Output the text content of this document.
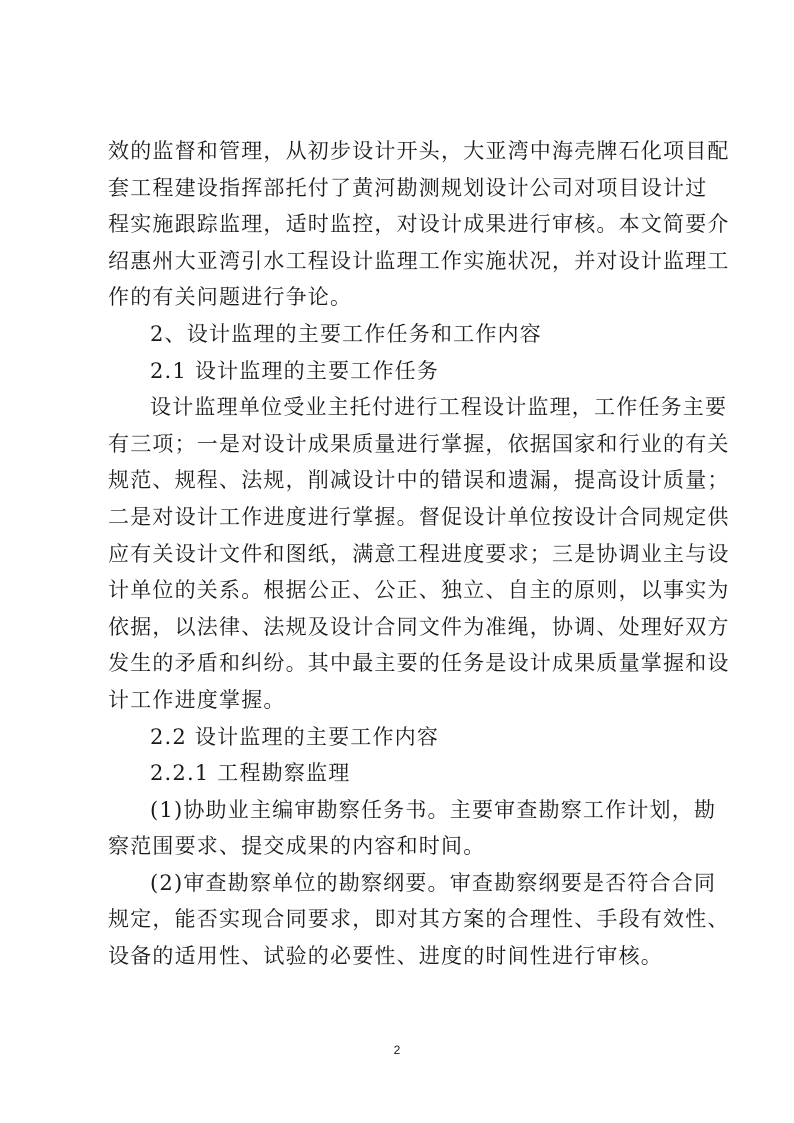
效的监督和管理，从初步设计开头，大亚湾中海壳牌石化项目配
套工程建设指挥部托付了黄河勘测规划设计公司对项目设计过
程实施跟踪监理，适时监控，对设计成果进行审核。本文简要介
绍惠州大亚湾引水工程设计监理工作实施状况，并对设计监理工
作的有关问题进行争论。
2、设计监理的主要工作任务和工作内容
2.1 设计监理的主要工作任务
设计监理单位受业主托付进行工程设计监理，工作任务主要
有三项；一是对设计成果质量进行掌握，依据国家和行业的有关
规范、规程、法规，削减设计中的错误和遗漏，提高设计质量；
二是对设计工作进度进行掌握。督促设计单位按设计合同规定供
应有关设计文件和图纸，满意工程进度要求；三是协调业主与设
计单位的关系。根据公正、公正、独立、自主的原则，以事实为
依据，以法律、法规及设计合同文件为准绳，协调、处理好双方
发生的矛盾和纠纷。其中最主要的任务是设计成果质量掌握和设
计工作进度掌握。
2.2 设计监理的主要工作内容
2.2.1 工程勘察监理
(1)协助业主编审勘察任务书。主要审查勘察工作计划，勘
察范围要求、提交成果的内容和时间。
(2)审查勘察单位的勘察纲要。审查勘察纲要是否符合合同
规定，能否实现合同要求，即对其方案的合理性、手段有效性、
设备的适用性、试验的必要性、进度的时间性进行审核。
2
